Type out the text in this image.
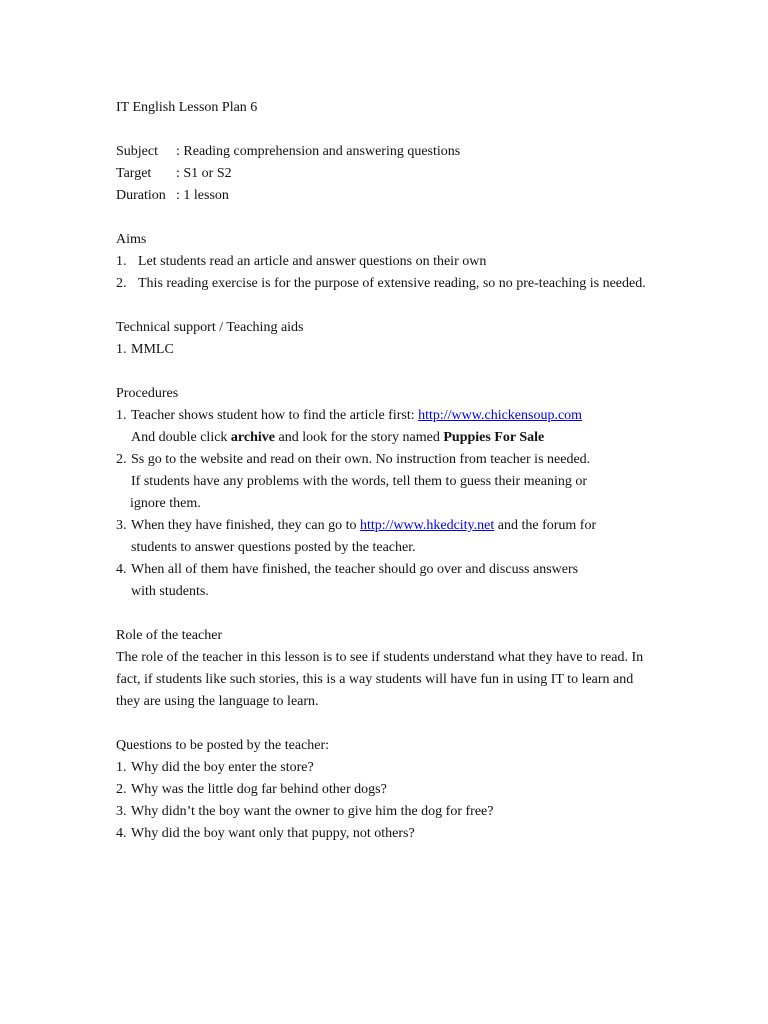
IT English Lesson Plan 6
Subject	:
Reading comprehension and answering questions
Target	:
S1 or S2
Duration :
1 lesson
Aims
1. Let students read an article and answer questions on their own
2. This reading exercise is for the purpose of extensive reading, so no pre-teaching is needed.
Technical support / Teaching aids
1. MMLC
Procedures
1. Teacher shows student how to find the article first: http://www.chickensoup.com
And double click archive and look for the story named Puppies For Sale
2. Ss go to the website and read on their own. No instruction from teacher is needed.
If students have any problems with the words, tell them to guess their meaning or
ignore them.
3. When they have finished, they can go to http://www.hkedcity.net and the forum for
students to answer questions posted by the teacher.
4. When all of them have finished, the teacher should go over and discuss answers
with students.
Role of the teacher
The role of the teacher in this lesson is to see if students understand what they have to read. In fact, if students like such stories, this is a way students will have fun in using IT to learn and they are using the language to learn.
Questions to be posted by the teacher:
1. Why did the boy enter the store?
2. Why was the little dog far behind other dogs?
3. Why didn’t the boy want the owner to give him the dog for free?
4. Why did the boy want only that puppy, not others?
